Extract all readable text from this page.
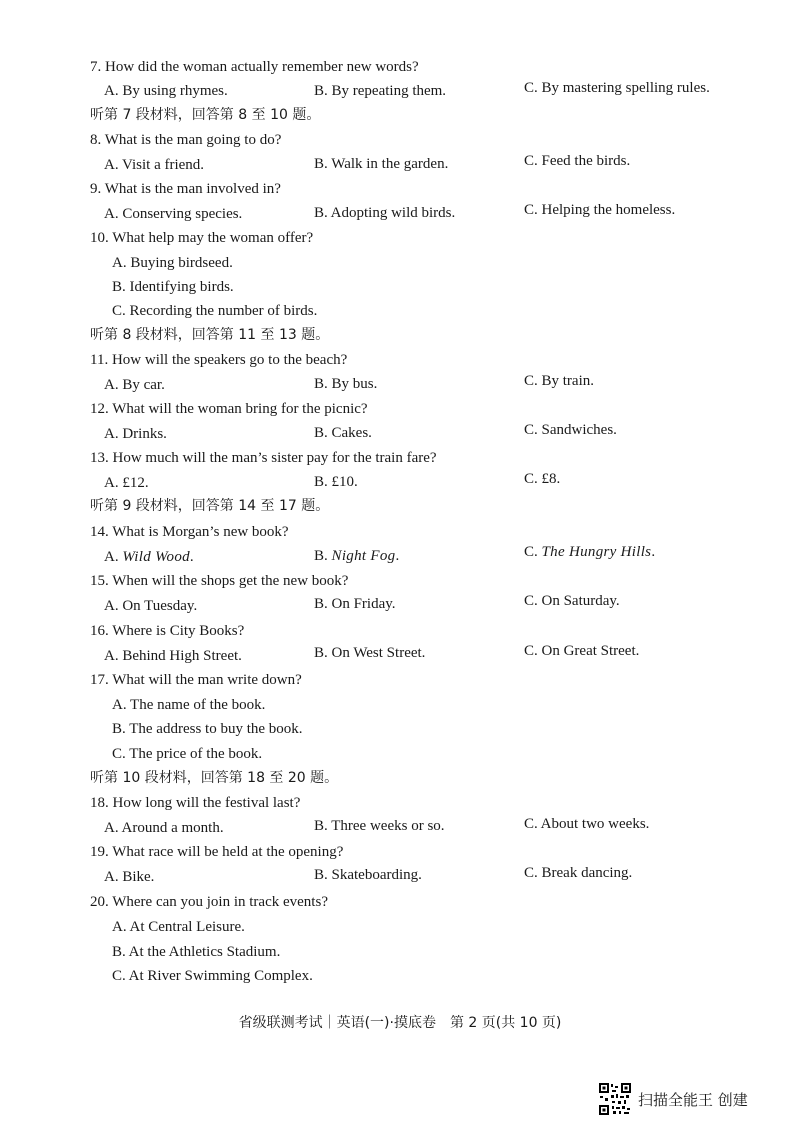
7. How did the woman actually remember new words?
A. By using rhymes.	B. By repeating them.	C. By mastering spelling rules.
听第 7 段材料，回答第 8 至 10 题。
8. What is the man going to do?
A. Visit a friend.	B. Walk in the garden.	C. Feed the birds.
9. What is the man involved in?
A. Conserving species.	B. Adopting wild birds.	C. Helping the homeless.
10. What help may the woman offer?
A. Buying birdseed.
B. Identifying birds.
C. Recording the number of birds.
听第 8 段材料，回答第 11 至 13 题。
11. How will the speakers go to the beach?
A. By car.	B. By bus.	C. By train.
12. What will the woman bring for the picnic?
A. Drinks.	B. Cakes.	C. Sandwiches.
13. How much will the man’s sister pay for the train fare?
A. £12.	B. £10.	C. £8.
听第 9 段材料，回答第 14 至 17 题。
14. What is Morgan’s new book?
A. Wild Wood.	B. Night Fog.	C. The Hungry Hills.
15. When will the shops get the new book?
A. On Tuesday.	B. On Friday.	C. On Saturday.
16. Where is City Books?
A. Behind High Street.	B. On West Street.	C. On Great Street.
17. What will the man write down?
A. The name of the book.
B. The address to buy the book.
C. The price of the book.
听第 10 段材料，回答第 18 至 20 题。
18. How long will the festival last?
A. Around a month.	B. Three weeks or so.	C. About two weeks.
19. What race will be held at the opening?
A. Bike.	B. Skateboarding.	C. Break dancing.
20. Where can you join in track events?
A. At Central Leisure.
B. At the Athletics Stadium.
C. At River Swimming Complex.
省级联测考试｜英语(一)·摸底卷　第 2 页(共 10 页)
扫描全能王 创建
